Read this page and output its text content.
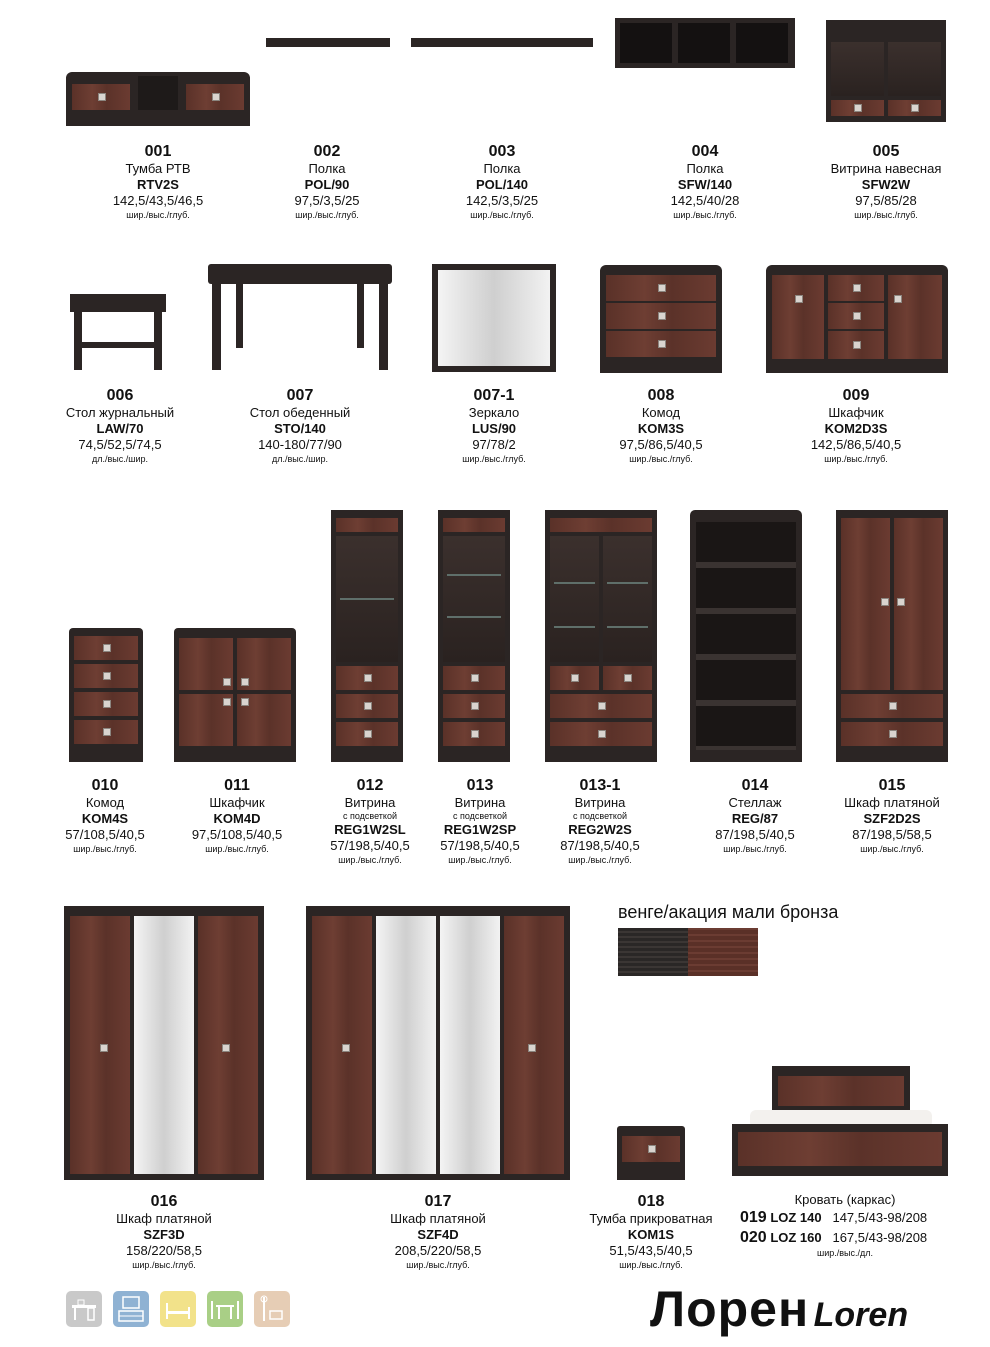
001
Тумба РТВ
RTV2S
142,5/43,5/46,5
шир./выс./глуб.
002
Полка
POL/90
97,5/3,5/25
шир./выс./глуб.
003
Полка
POL/140
142,5/3,5/25
шир./выс./глуб.
004
Полка
SFW/140
142,5/40/28
шир./выс./глуб.
005
Витрина навесная
SFW2W
97,5/85/28
шир./выс./глуб.
006
Стол журнальный
LAW/70
74,5/52,5/74,5
дл./выс./шир.
007
Стол обеденный
STO/140
140-180/77/90
дл./выс./шир.
007-1
Зеркало
LUS/90
97/78/2
шир./выс./глуб.
008
Комод
KOM3S
97,5/86,5/40,5
шир./выс./глуб.
009
Шкафчик
KOM2D3S
142,5/86,5/40,5
шир./выс./глуб.
010
Комод
KOM4S
57/108,5/40,5
шир./выс./глуб.
011
Шкафчик
KOM4D
97,5/108,5/40,5
шир./выс./глуб.
012
Витрина
с подсветкой
REG1W2SL
57/198,5/40,5
шир./выс./глуб.
013
Витрина
с подсветкой
REG1W2SP
57/198,5/40,5
шир./выс./глуб.
013-1
Витрина
с подсветкой
REG2W2S
87/198,5/40,5
шир./выс./глуб.
014
Стеллаж
REG/87
87/198,5/40,5
шир./выс./глуб.
015
Шкаф платяной
SZF2D2S
87/198,5/58,5
шир./выс./глуб.
016
Шкаф платяной
SZF3D
158/220/58,5
шир./выс./глуб.
017
Шкаф платяной
SZF4D
208,5/220/58,5
шир./выс./глуб.
018
Тумба прикроватная
KOM1S
51,5/43,5/40,5
шир./выс./глуб.
Кровать (каркас)
019 LOZ 140 147,5/43-98/208
020 LOZ 160 167,5/43-98/208
шир./выс./дл.
венге/акация мали бронза
Лорен Loren
